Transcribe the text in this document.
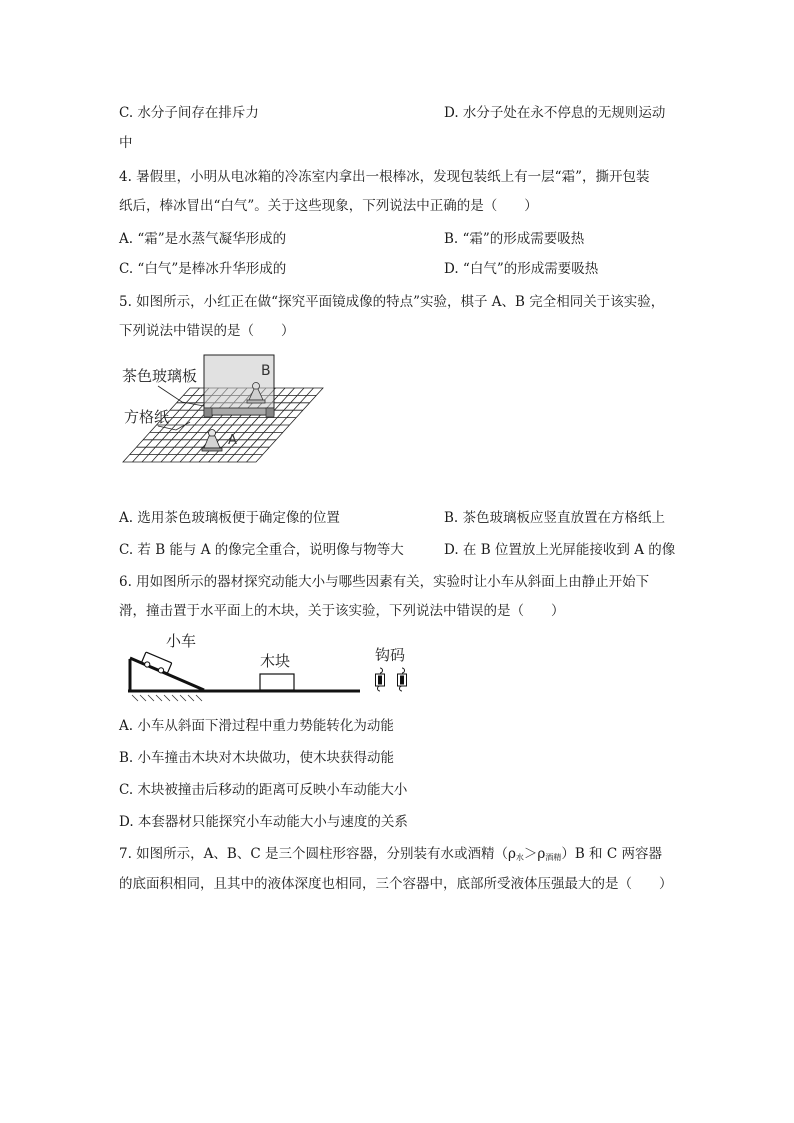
C. 水分子间存在排斥力	D. 水分子处在永不停息的无规则运动
中
4. 暑假里，小明从电冰箱的冷冻室内拿出一根棒冰，发现包装纸上有一层“霜”，撕开包装
纸后，棒冰冒出“白气”。关于这些现象，下列说法中正确的是（　　）
A. “霜”是水蒸气凝华形成的	B. “霜”的形成需要吸热
C. “白气”是棒冰升华形成的	D. “白气”的形成需要吸热
5. 如图所示，小红正在做“探究平面镜成像的特点”实验，棋子 A、B 完全相同关于该实验，
下列说法中错误的是（　　）
B
A
茶色玻璃板
方格纸
A. 选用茶色玻璃板便于确定像的位置	B. 茶色玻璃板应竖直放置在方格纸上
C. 若 B 能与 A 的像完全重合，说明像与物等大	D. 在 B 位置放上光屏能接收到 A 的像
6. 用如图所示的器材探究动能大小与哪些因素有关，实验时让小车从斜面上由静止开始下
滑，撞击置于水平面上的木块，关于该实验，下列说法中错误的是（　　）
小车
木块	钩码
A. 小车从斜面下滑过程中重力势能转化为动能
B. 小车撞击木块对木块做功，使木块获得动能
C. 木块被撞击后移动的距离可反映小车动能大小
D. 本套器材只能探究小车动能大小与速度的关系
7. 如图所示，A、B、C 是三个圆柱形容器，分别装有水或酒精（ρ水＞ρ酒精）B 和 C 两容器
的底面积相同，且其中的液体深度也相同，三个容器中，底部所受液体压强最大的是（　　）
